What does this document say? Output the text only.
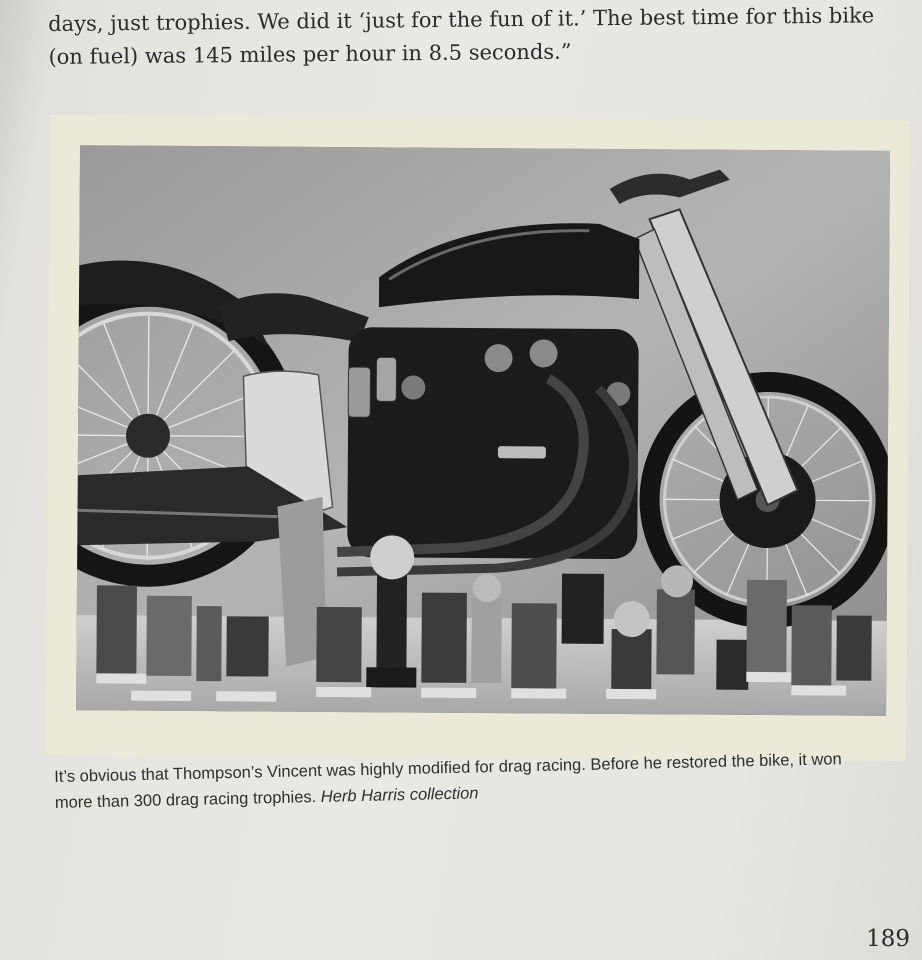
days, just trophies. We did it ‘just for the fun of it.’ The best time for this bike
(on fuel) was 145 miles per hour in 8.5 seconds.”
It’s obvious that Thompson’s Vincent was highly modified for drag racing. Before he restored the bike, it won
more than 300 drag racing trophies. Herb Harris collection
189
